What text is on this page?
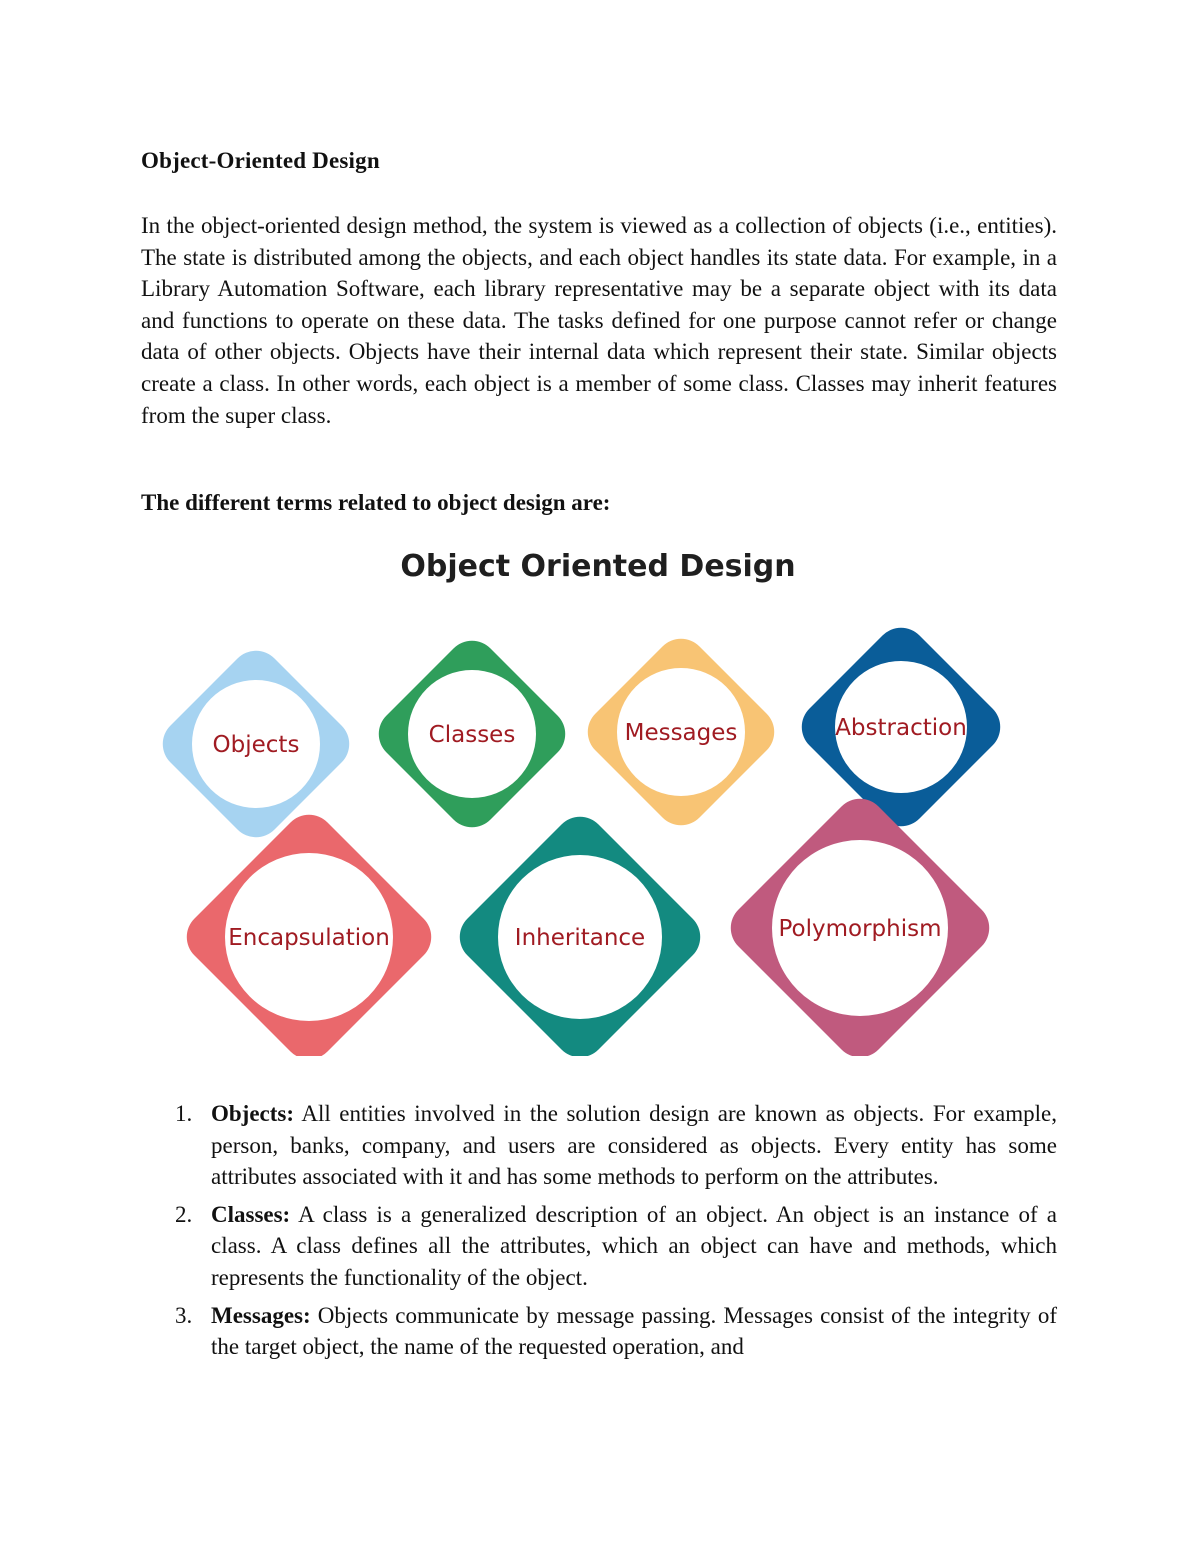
Object-Oriented Design

In the object-oriented design method, the system is viewed as a collection of objects (i.e., entities). The state is distributed among the objects, and each object handles its state data. For example, in a Library Automation Software, each library representative may be a separate object with its data and functions to operate on these data. The tasks defined for one purpose cannot refer or change data of other objects. Objects have their internal data which represent their state. Similar objects create a class. In other words, each object is a member of some class. Classes may inherit features from the super class.

The different terms related to object design are:
Object Oriented Design
Objects	Classes	Messages	Abstraction
Encapsulation	Inheritance	Polymorphism
1. Objects: All entities involved in the solution design are known as objects. For example, person, banks, company, and users are considered as objects. Every entity has some attributes associated with it and has some methods to perform on the attributes.
2. Classes: A class is a generalized description of an object. An object is an instance of a class. A class defines all the attributes, which an object can have and methods, which represents the functionality of the object.
3. Messages: Objects communicate by message passing. Messages consist of the integrity of the target object, the name of the requested operation, and
